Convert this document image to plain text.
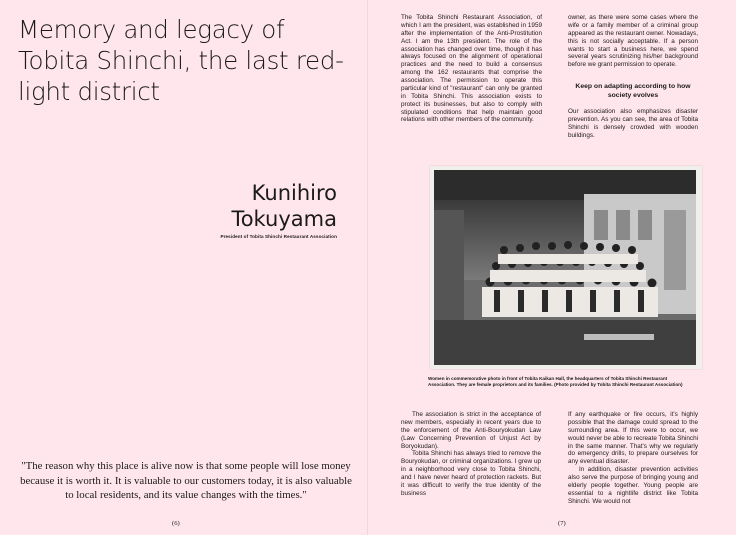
Memory and legacy of Tobita Shinchi, the last red-light district
Kunihiro
Tokuyama
President of Tobita Shinchi Restaurant Association

"The reason why this place is alive now is that some people will lose money because it is worth it. It is valuable to our customers today, it is also valuable to local residents, and its value changes with the times."

(6)

The Tobita Shinchi Restaurant Association, of which I am the president, was established in 1959 after the implementation of the Anti-Prostitution Act. I am the 13th president. The role of the association has changed over time, though it has always focused on the alignment of operational practices and the need to build a consensus among the 162 restaurants that comprise the association. The permission to operate this particular kind of "restaurant" can only be granted in Tobita Shinchi. This association exists to protect its businesses, but also to comply with stipulated conditions that help maintain good relations with other members of the community.

owner, as there were some cases where the wife or a family member of a criminal group appeared as the restaurant owner. Nowadays, this is not socially acceptable. If a person wants to start a business here, we spend several years scrutinizing his/her background before we grant permission to operate.

Keep on adapting according to how society evolves

Our association also emphasizes disaster prevention. As you can see, the area of Tobita Shinchi is densely crowded with wooden buildings.

Women in commemorative photo in front of Tobita Kaikan Hall, the headquarters of Tobita Shinchi Restaurant Association. They are female proprietors and its families. (Photo provided by Tobita Shinchi Restaurant Association)

The association is strict in the acceptance of new members, especially in recent years due to the enforcement of the Anti-Bouryokudan Law (Law Concerning Prevention of Unjust Act by Boryokudan).

Tobita Shinchi has always tried to remove the Bouryokudan, or criminal organizations. I grew up in a neighborhood very close to Tobita Shinchi, and I have never heard of protection rackets. But it was difficult to verify the true identity of the business

If any earthquake or fire occurs, it's highly possible that the damage could spread to the surrounding area. If this were to occur, we would never be able to recreate Tobita Shinchi in the same manner. That's why we regularly do emergency drills, to prepare ourselves for any eventual disaster.

In addition, disaster prevention activities also serve the purpose of bringing young and elderly people together. Young people are essential to a nightlife district like Tobita Shinchi. We would not

(7)
